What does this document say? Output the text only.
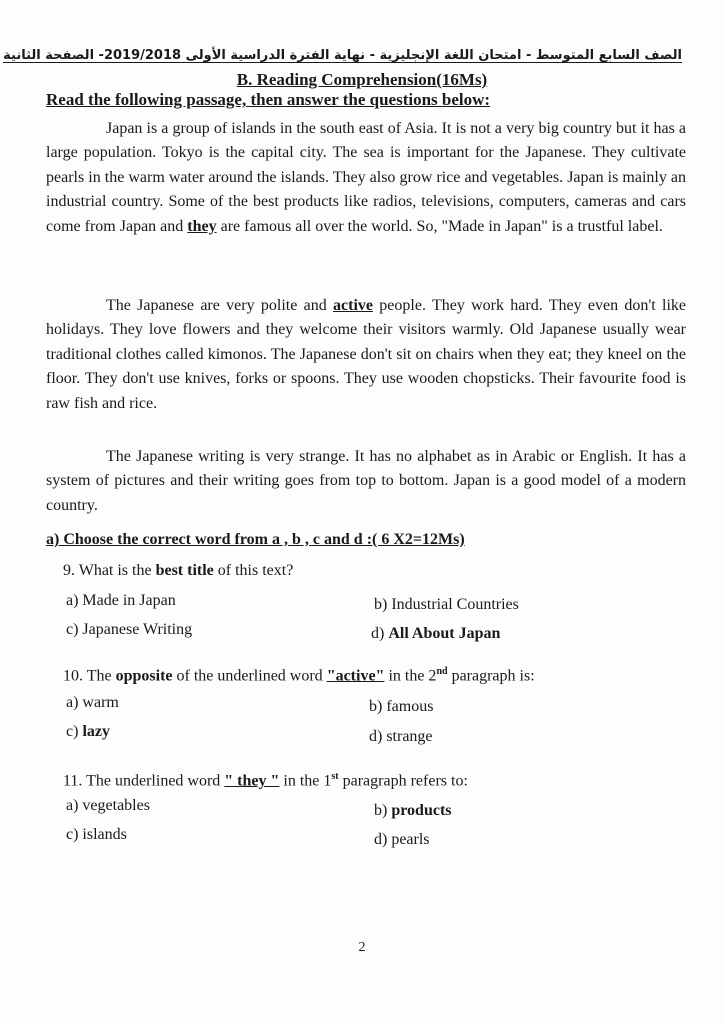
الصف السابع المتوسط - امتحان اللغة الإنجليزية - نهاية الفترة الدراسية الأولى 2019/2018- الصفحة الثانية
B. Reading Comprehension(16Ms)
Read the following passage, then answer the questions below:

Japan is a group of islands in the south east of Asia. It is not a very big country but it has a large population. Tokyo is the capital city. The sea is important for the Japanese. They cultivate pearls in the warm water around the islands. They also grow rice and vegetables. Japan is mainly an industrial country. Some of the best products like radios, televisions, computers, cameras and cars come from Japan and they are famous all over the world. So, "Made in Japan" is a trustful label.

The Japanese are very polite and active people. They work hard. They even don't like holidays. They love flowers and they welcome their visitors warmly. Old Japanese usually wear traditional clothes called kimonos. The Japanese don't sit on chairs when they eat; they kneel on the floor. They don't use knives, forks or spoons. They use wooden chopsticks. Their favourite food is raw fish and rice.

The Japanese writing is very strange. It has no alphabet as in Arabic or English. It has a system of pictures and their writing goes from top to bottom. Japan is a good model of a modern country.

a) Choose the correct word from a , b , c and d :( 6 X2=12Ms)
9. What is the best title of this text?
a) Made in Japan	b) Industrial Countries
c) Japanese Writing	d) All About Japan
10. The opposite of the underlined word "active" in the 2nd paragraph is:
a) warm	b) famous
c) lazy	d) strange
11. The underlined word " they " in the 1st paragraph refers to:
a) vegetables	b) products
c) islands	d) pearls
2
